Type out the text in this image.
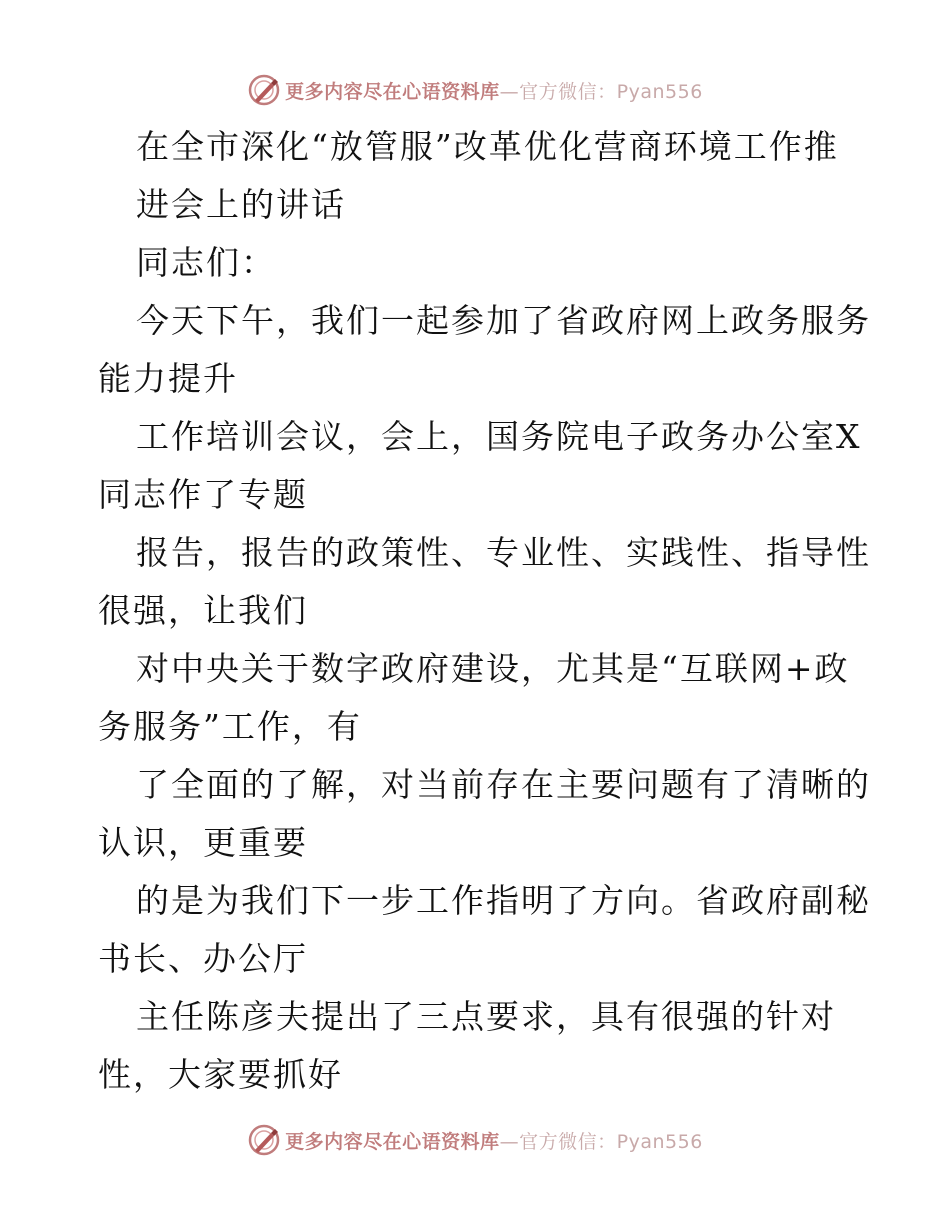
更多内容尽在心语资料库—官方微信：Pyan556
在全市深化“放管服”改革优化营商环境工作推
进会上的讲话
同志们：
今天下午，我们一起参加了省政府网上政务服务
能力提升
工作培训会议，会上，国务院电子政务办公室X
同志作了专题
报告，报告的政策性、专业性、实践性、指导性
很强，让我们
对中央关于数字政府建设，尤其是“互联网+政
务服务”工作，有
了全面的了解，对当前存在主要问题有了清晰的
认识，更重要
的是为我们下一步工作指明了方向。省政府副秘
书长、办公厅
主任陈彦夫提出了三点要求，具有很强的针对
性，大家要抓好
更多内容尽在心语资料库—官方微信：Pyan556
